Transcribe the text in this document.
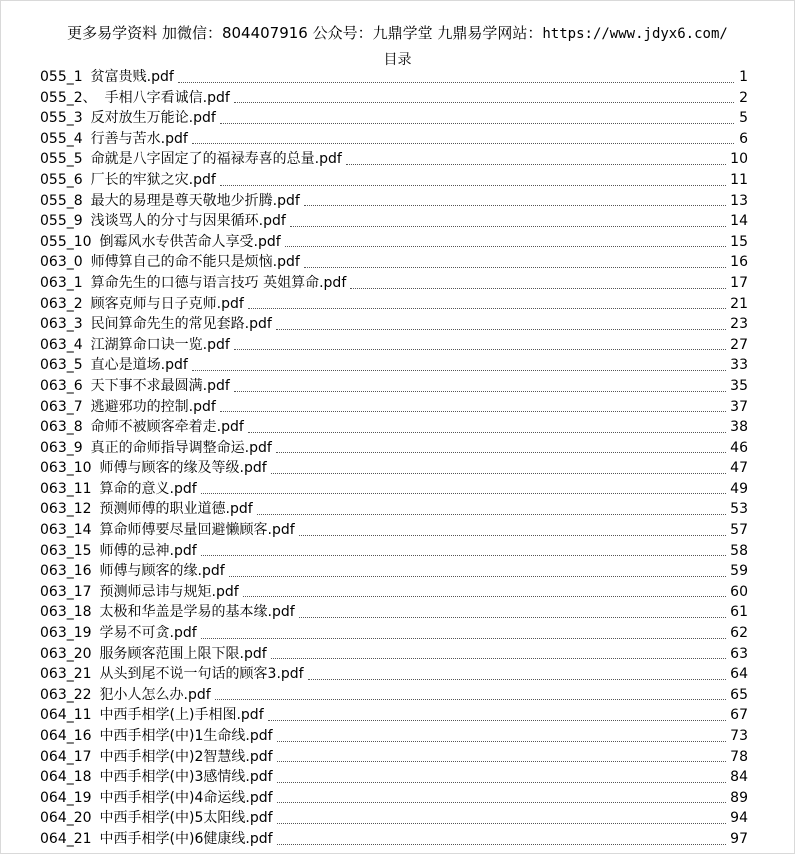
更多易学资料 加微信：804407916 公众号：九鼎学堂 九鼎易学网站：https://www.jdyx6.com/
目录
055_1 贫富贵贱.pdf	1
055_2、 手相八字看诚信.pdf	2
055_3 反对放生万能论.pdf	5
055_4 行善与苦水.pdf	6
055_5 命就是八字固定了的福禄寿喜的总量.pdf	10
055_6 厂长的牢狱之灾.pdf	11
055_8 最大的易理是尊天敬地少折腾.pdf	13
055_9 浅谈骂人的分寸与因果循环.pdf	14
055_10 倒霉风水专供苦命人享受.pdf	15
063_0 师傅算自己的命不能只是烦恼.pdf	16
063_1 算命先生的口德与语言技巧 英姐算命.pdf	17
063_2 顾客克师与日子克师.pdf	21
063_3 民间算命先生的常见套路.pdf	23
063_4 江湖算命口诀一览.pdf	27
063_5 直心是道场.pdf	33
063_6 天下事不求最圆满.pdf	35
063_7 逃避邪功的控制.pdf	37
063_8 命师不被顾客牵着走.pdf	38
063_9 真正的命师指导调整命运.pdf	46
063_10 师傅与顾客的缘及等级.pdf	47
063_11 算命的意义.pdf	49
063_12 预测师傅的职业道德.pdf	53
063_14 算命师傅要尽量回避懒顾客.pdf	57
063_15 师傅的忌神.pdf	58
063_16 师傅与顾客的缘.pdf	59
063_17 预测师忌讳与规矩.pdf	60
063_18 太极和华盖是学易的基本缘.pdf	61
063_19 学易不可贪.pdf	62
063_20 服务顾客范围上限下限.pdf	63
063_21 从头到尾不说一句话的顾客3.pdf	64
063_22 犯小人怎么办.pdf	65
064_11 中西手相学(上)手相图.pdf	67
064_16 中西手相学(中)1生命线.pdf	73
064_17 中西手相学(中)2智慧线.pdf	78
064_18 中西手相学(中)3感情线.pdf	84
064_19 中西手相学(中)4命运线.pdf	89
064_20 中西手相学(中)5太阳线.pdf	94
064_21 中西手相学(中)6健康线.pdf	97
